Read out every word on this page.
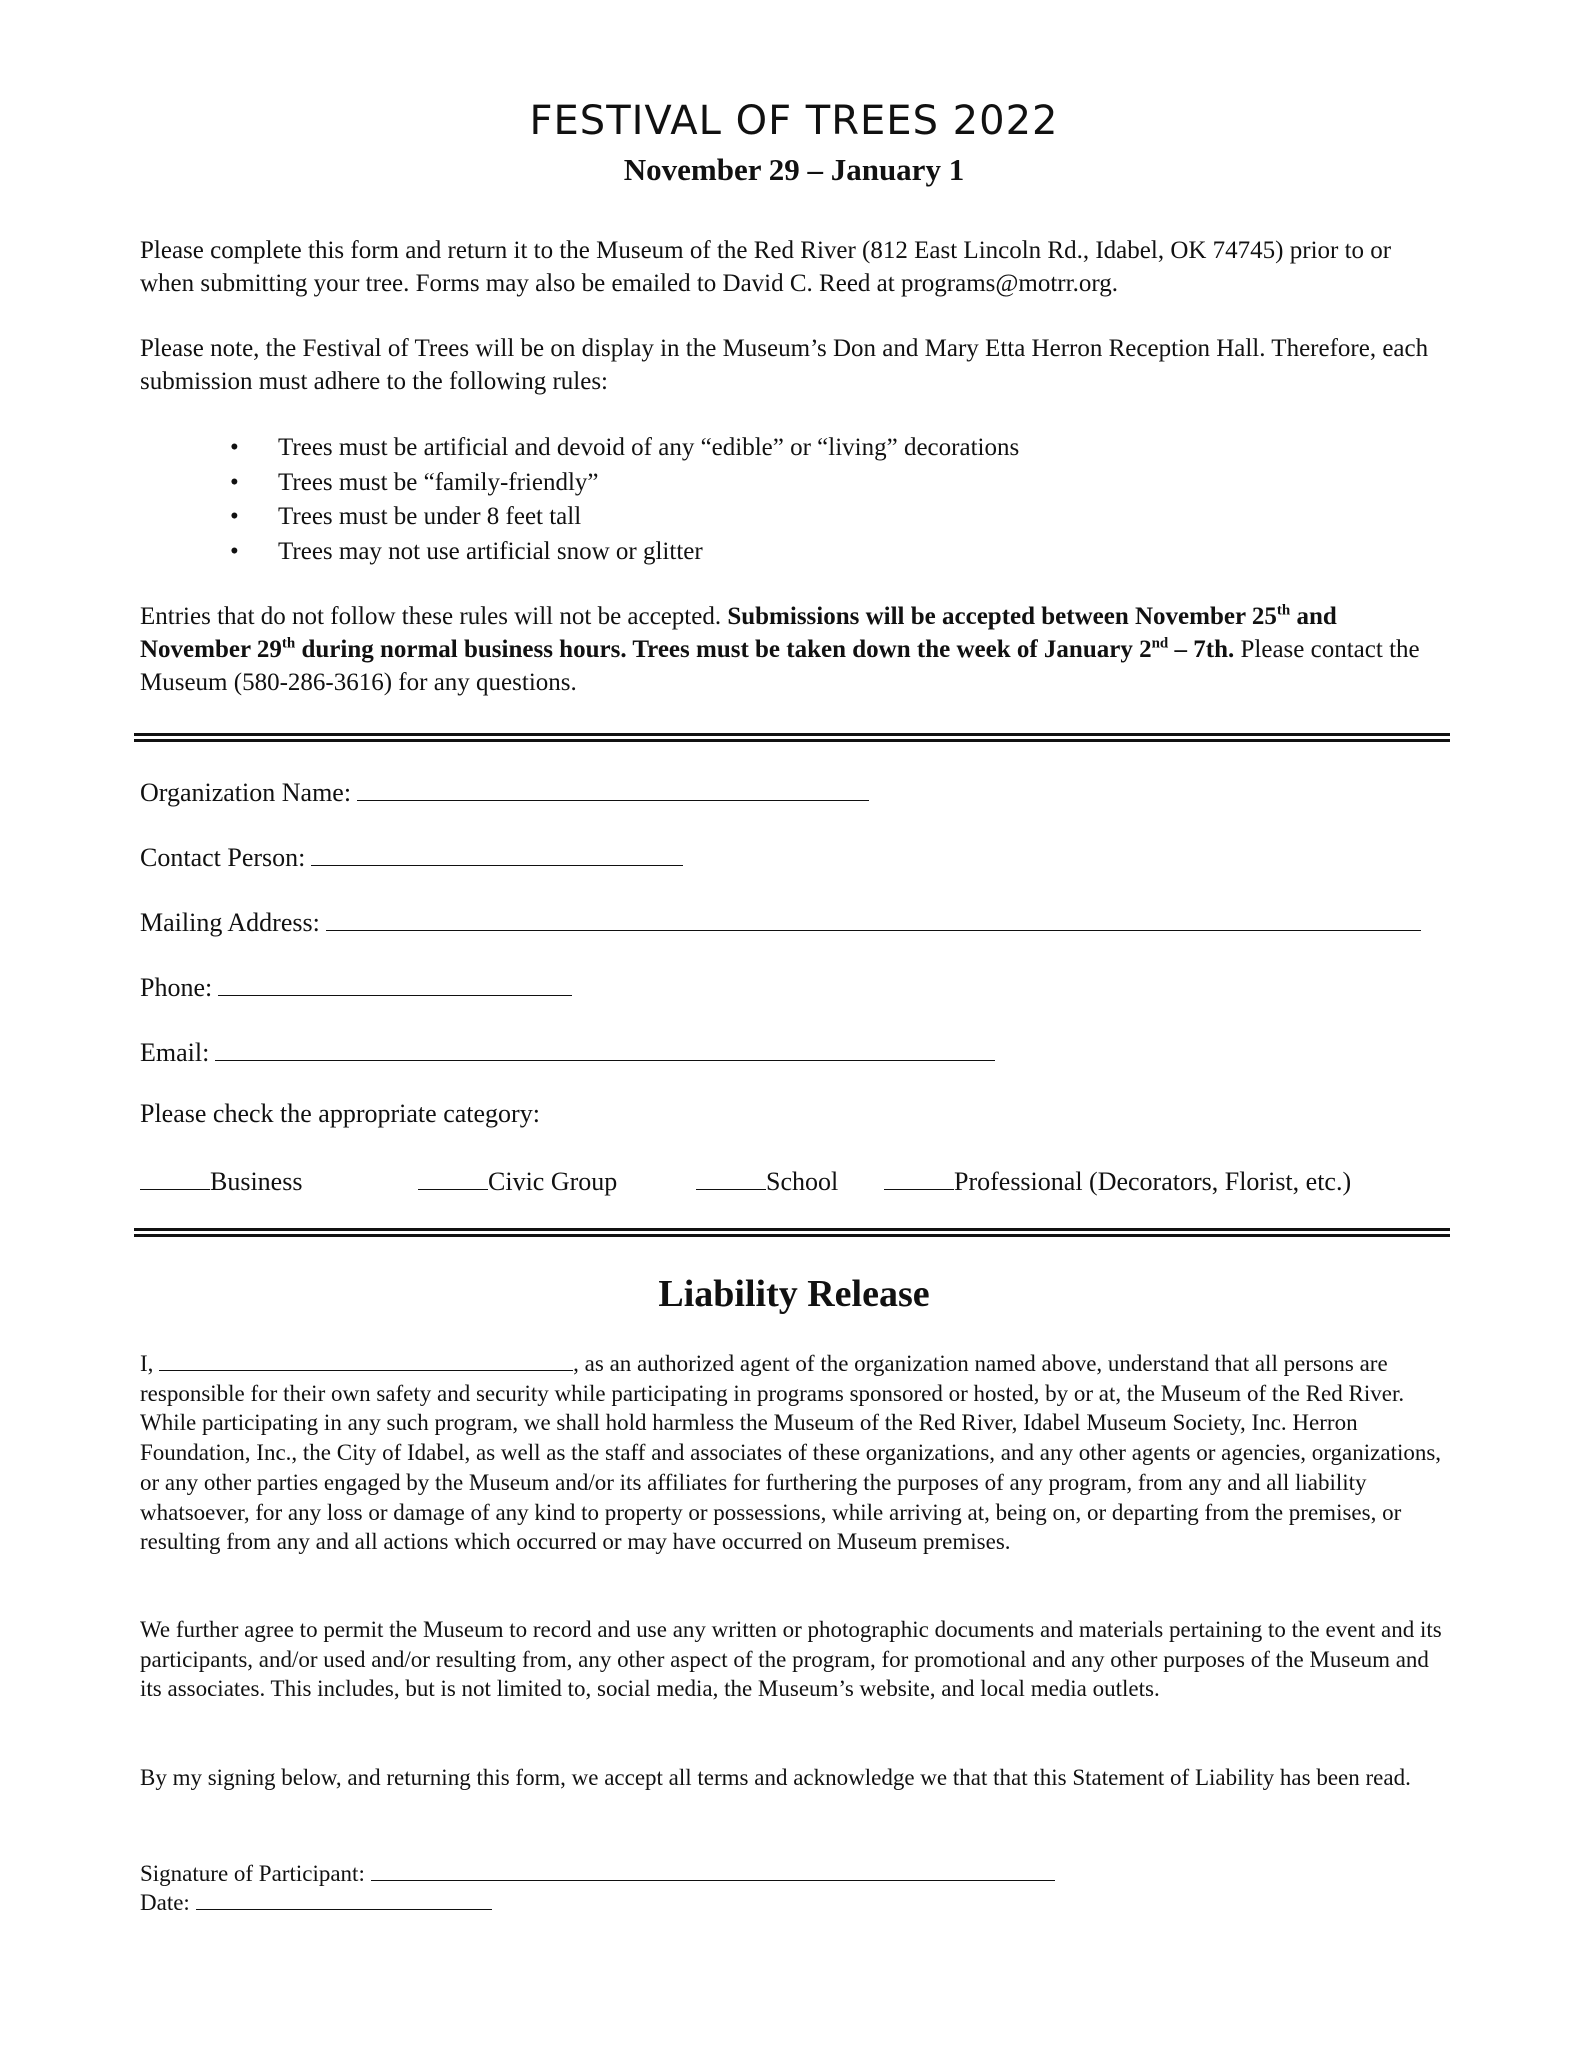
FESTIVAL OF TREES 2022
November 29 – January 1

Please complete this form and return it to the Museum of the Red River (812 East Lincoln Rd., Idabel, OK 74745) prior to or when submitting your tree. Forms may also be emailed to David C. Reed at programs@motrr.org.

Please note, the Festival of Trees will be on display in the Museum’s Don and Mary Etta Herron Reception Hall. Therefore, each submission must adhere to the following rules:

• Trees must be artificial and devoid of any “edible” or “living” decorations
• Trees must be “family-friendly”
• Trees must be under 8 feet tall
• Trees may not use artificial snow or glitter

Entries that do not follow these rules will not be accepted. Submissions will be accepted between November 25th and November 29th during normal business hours. Trees must be taken down the week of January 2nd – 7th. Please contact the Museum (580-286-3616) for any questions.

Organization Name:
Contact Person:
Mailing Address:
Phone:
Email:
Please check the appropriate category:
Business	Civic Group	School	Professional (Decorators, Florist, etc.)
Liability Release

I,	, as an authorized agent of the organization named above, understand that all persons are responsible for their own safety and security while participating in programs sponsored or hosted, by or at, the Museum of the Red River. While participating in any such program, we shall hold harmless the Museum of the Red River, Idabel Museum Society, Inc. Herron Foundation, Inc., the City of Idabel, as well as the staff and associates of these organizations, and any other agents or agencies, organizations, or any other parties engaged by the Museum and/or its affiliates for furthering the purposes of any program, from any and all liability whatsoever, for any loss or damage of any kind to property or possessions, while arriving at, being on, or departing from the premises, or resulting from any and all actions which occurred or may have occurred on Museum premises.

We further agree to permit the Museum to record and use any written or photographic documents and materials pertaining to the event and its participants, and/or used and/or resulting from, any other aspect of the program, for promotional and any other purposes of the Museum and its associates. This includes, but is not limited to, social media, the Museum’s website, and local media outlets.

By my signing below, and returning this form, we accept all terms and acknowledge we that that this Statement of Liability has been read.

Signature of Participant:
Date:
